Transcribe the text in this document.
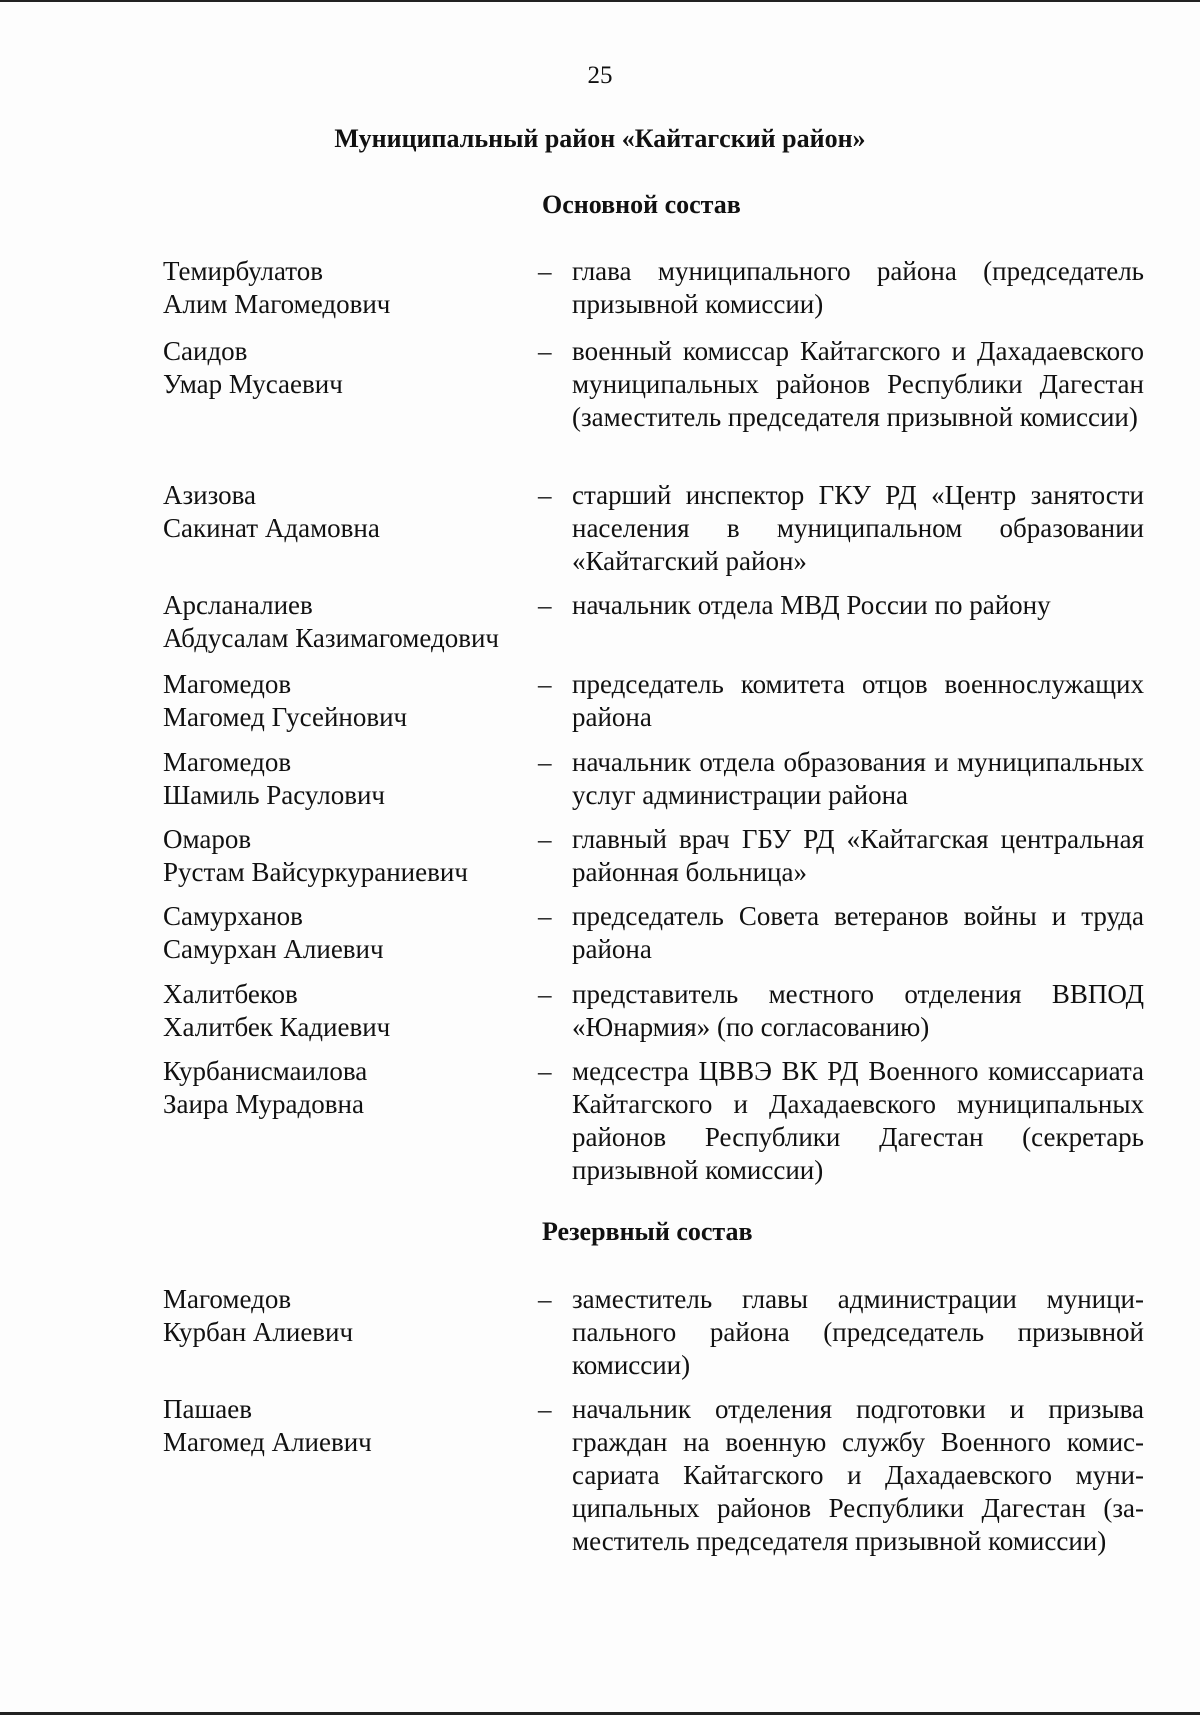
25
Муниципальный район «Кайтагский район»
Основной состав
Темирбулатов
Алим Магомедович
– глава муниципального района (председатель призывной комиссии)
Саидов
Умар Мусаевич
– военный комиссар Кайтагского и Дахадаевского муниципальных районов Республики Дагестан (заместитель председателя призывной комиссии)
Азизова
Сакинат Адамовна
– старший инспектор ГКУ РД «Центр занятости населения в муниципальном образовании «Кайтагский район»
Арсланалиев
Абдусалам Казимагомедович
– начальник отдела МВД России по району
Магомедов
Магомед Гусейнович
– председатель комитета отцов военнослужащих района
Магомедов
Шамиль Расулович
– начальник отдела образования и муниципальных услуг администрации района
Омаров
Рустам Вайсуркураниевич
– главный врач ГБУ РД «Кайтагская центральная районная больница»
Самурханов
Самурхан Алиевич
– председатель Совета ветеранов войны и труда района
Халитбеков
Халитбек Кадиевич
– представитель местного отделения ВВПОД «Юнармия» (по согласованию)
Курбанисмаилова
Заира Мурадовна
– медсестра ЦВВЭ ВК РД Военного комиссариата Кайтагского и Дахадаевского муниципальных районов Республики Дагестан (секретарь призывной комиссии)
Резервный состав
Магомедов
Курбан Алиевич
– заместитель главы администрации муниципального района (председатель призывной комиссии)
Пашаев
Магомед Алиевич
– начальник отделения подготовки и призыва граждан на военную службу Военного комиссариата Кайтагского и Дахадаевского муниципальных районов Республики Дагестан (заместитель председателя призывной комиссии)
